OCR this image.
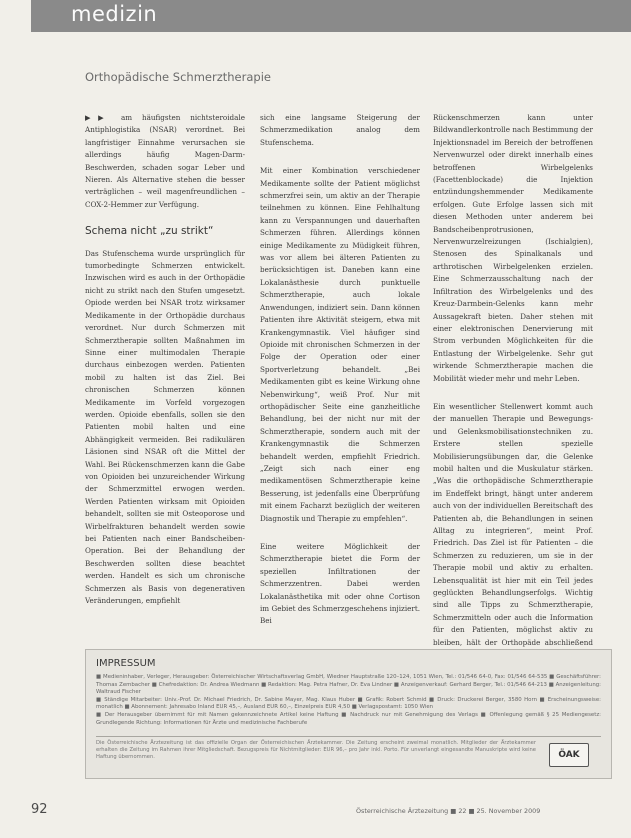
medizin
Orthopädische Schmerztherapie

▶▶ am häufigsten nichtsteroidale Antiphlogistika (NSAR) verordnet. Bei langfristiger Einnahme verursachen sie allerdings häufig Magen-Darm-Beschwerden, schaden sogar Leber und Nieren. Als Alternative stehen die besser verträglichen – weil magenfreundlichen – COX-2-Hemmer zur Verfügung.

Schema nicht „zu strikt“

Das Stufenschema wurde ursprünglich für tumorbedingte Schmerzen entwickelt. Inzwischen wird es auch in der Orthopädie nicht zu strikt nach den Stufen umgesetzt. Opiode werden bei NSAR trotz wirksamer Medikamente in der Orthopädie durchaus verordnet. Nur durch Schmerzen mit Schmerztherapie sollten Maßnahmen im Sinne einer multimodalen Therapie durchaus einbezogen werden. Patienten mobil zu halten ist das Ziel. Bei chronischen Schmerzen können Medikamente im Vorfeld vorgezogen werden. Opioide ebenfalls, sollen sie den Patienten mobil halten und eine Abhängigkeit vermeiden. Bei radikulären Läsionen sind NSAR oft die Mittel der Wahl. Bei Rückenschmerzen kann die Gabe von Opioiden bei unzureichender Wirkung der Schmerzmittel erwogen werden. Werden Patienten wirksam mit Opioiden behandelt, sollten sie mit Osteoporose und Wirbelfrakturen behandelt werden sowie bei Patienten nach einer Bandscheiben-Operation. Bei der Behandlung der Beschwerden sollten diese beachtet werden. Handelt es sich um chronische Schmerzen als Basis von degenerativen Veränderungen, empfiehlt

sich eine langsame Steigerung der Schmerzmedikation analog dem Stufenschema.

Mit einer Kombination verschiedener Medikamente sollte der Patient möglichst schmerzfrei sein, um aktiv an der Therapie teilnehmen zu können. Eine Fehlhaltung kann zu Verspannungen und dauerhaften Schmerzen führen. Allerdings können einige Medikamente zu Müdigkeit führen, was vor allem bei älteren Patienten zu berücksichtigen ist. Daneben kann eine Lokalanästhesie durch punktuelle Schmerztherapie, auch lokale Anwendungen, indiziert sein. Dann können Patienten ihre Aktivität steigern, etwa mit Krankengymnastik. Viel häufiger sind Opioide mit chronischen Schmerzen in der Folge der Operation oder einer Sportverletzung behandelt. „Bei Medikamenten gibt es keine Wirkung ohne Nebenwirkung“, weiß Prof. Nur mit orthopädischer Seite eine ganzheitliche Behandlung, bei der nicht nur mit der Schmerztherapie, sondern auch mit der Krankengymnastik die Schmerzen behandelt werden, empfiehlt Friedrich. „Zeigt sich nach einer eng medikamentösen Schmerztherapie keine Besserung, ist jedenfalls eine Überprüfung mit einem Facharzt bezüglich der weiteren Diagnostik und Therapie zu empfehlen“.

Eine weitere Möglichkeit der Schmerztherapie bietet die Form der speziellen Infiltrationen der Schmerzzentren. Dabei werden Lokalanästhetika mit oder ohne Cortison im Gebiet des Schmerzgeschehens injiziert. Bei

Rückenschmerzen kann unter Bildwandlerkontrolle nach Bestimmung der Injektionsnadel im Bereich der betroffenen Nervenwurzel oder direkt innerhalb eines betroffenen Wirbelgelenks (Facettenblockade) die Injektion entzündungshemmender Medikamente erfolgen. Gute Erfolge lassen sich mit diesen Methoden unter anderem bei Bandscheibenprotrusionen, Nervenwurzelreizungen (Ischialgien), Stenosen des Spinalkanals und arthrotischen Wirbelgelenken erzielen. Eine Schmerzausschaltung nach der Infiltration des Wirbelgelenks und des Kreuz-Darmbein-Gelenks kann mehr Aussagekraft bieten. Daher stehen mit einer elektronischen Denervierung mit Strom verbunden Möglichkeiten für die Entlastung der Wirbelgelenke. Sehr gut wirkende Schmerztherapie machen die Mobilität wieder mehr und mehr Leben.

Ein wesentlicher Stellenwert kommt auch der manuellen Therapie und Bewegungs- und Gelenksmobilisationstechniken zu. Erstere stellen spezielle Mobilisierungsübungen dar, die Gelenke mobil halten und die Muskulatur stärken. „Was die orthopädische Schmerztherapie im Endeffekt bringt, hängt unter anderem auch von der individuellen Bereitschaft des Patienten ab, die Behandlungen in seinen Alltag zu integrieren“, meint Prof. Friedrich. Das Ziel ist für Patienten – die Schmerzen zu reduzieren, um sie in der Therapie mobil und aktiv zu erhalten. Lebensqualität ist hier mit ein Teil jedes geglückten Behandlungserfolgs. Wichtig sind alle Tipps zu Schmerztherapie, Schmerzmitteln oder auch die Information für den Patienten, möglichst aktiv zu bleiben, hält der Orthopäde abschließend

IMPRESSUM

■ Medieninhaber, Verleger, Herausgeber: Österreichischer Wirtschaftsverlag GmbH, Wiedner Hauptstraße 120–124, 1051 Wien, Tel.: 01/546 64-0, Fax: 01/546 64-535 ■ Geschäftsführer: Thomas Zembacher ■ Chefredaktion: Dr. Andrea Wiedmann ■ Redaktion: Mag. Petra Hafner, Dr. Eva Lindner ■ Anzeigenverkauf: Gerhard Berger, Tel.: 01/546 64-213 ■ Anzeigenleitung: Waltraud Fischer

■ Ständige Mitarbeiter: Univ.-Prof. Dr. Michael Friedrich, Dr. Sabine Mayer, Mag. Klaus Huber ■ Grafik: Robert Schmid ■ Druck: Druckerei Berger, 3580 Horn ■ Erscheinungsweise: monatlich ■ Abonnement: Jahresabo Inland EUR 45,–, Ausland EUR 60,–, Einzelpreis EUR 4,50 ■ Verlagspostamt: 1050 Wien

■ Der Herausgeber übernimmt für mit Namen gekennzeichnete Artikel keine Haftung ■ Nachdruck nur mit Genehmigung des Verlags ■ Offenlegung gemäß § 25 Mediengesetz: Grundlegende Richtung: Informationen für Ärzte und medizinische Fachberufe

Die Österreichische Ärztezeitung ist das offizielle Organ der Österreichischen Ärztekammer. Die Zeitung erscheint zweimal monatlich. Mitglieder der Ärztekammer erhalten die Zeitung im Rahmen ihrer Mitgliedschaft. Bezugspreis für Nichtmitglieder: EUR 96,– pro Jahr inkl. Porto. Für unverlangt eingesandte Manuskripte wird keine Haftung übernommen.	ÖAK
92	Österreichische Ärztezeitung ■ 22 ■ 25. November 2009
